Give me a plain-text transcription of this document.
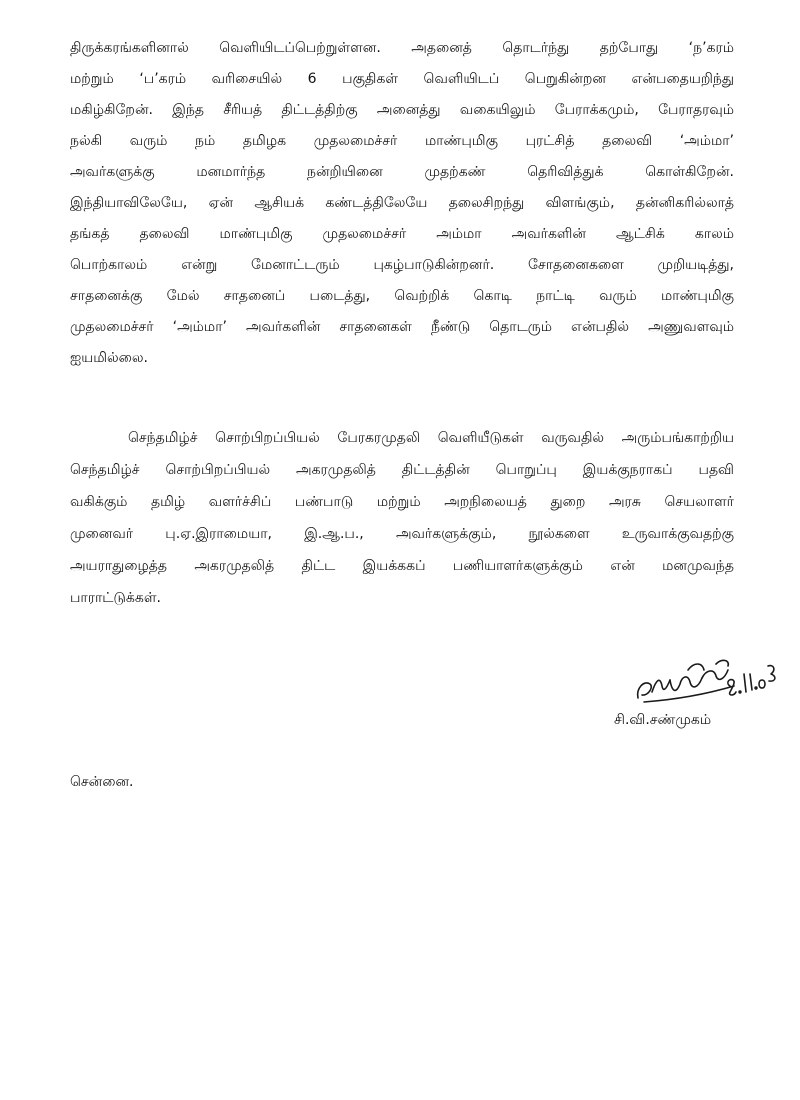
திருக்கரங்களினால் வெளியிடப்பெற்றுள்ளன. அதனைத் தொடர்ந்து தற்போது ‘ந’கரம்
மற்றும் ‘ப’கரம் வரிசையில் 6 பகுதிகள் வெளியிடப் பெறுகின்றன என்பதையறிந்து
மகிழ்கிறேன். இந்த சீரியத் திட்டத்திற்கு அனைத்து வகையிலும் பேராக்கமும், பேராதரவும்
நல்கி வரும் நம் தமிழக முதலமைச்சர் மாண்புமிகு புரட்சித் தலைவி ‘அம்மா’
அவர்களுக்கு மனமார்ந்த நன்றியினை முதற்கண் தெரிவித்துக் கொள்கிறேன்.
இந்தியாவிலேயே, ஏன் ஆசியக் கண்டத்திலேயே தலைசிறந்து விளங்கும், தன்னிகரில்லாத்
தங்கத் தலைவி மாண்புமிகு முதலமைச்சர் அம்மா அவர்களின் ஆட்சிக் காலம்
பொற்காலம் என்று மேனாட்டரும் புகழ்பாடுகின்றனர். சோதனைகளை முறியடித்து,
சாதனைக்கு மேல் சாதனைப் படைத்து, வெற்றிக் கொடி நாட்டி வரும் மாண்புமிகு
முதலமைச்சர் ‘அம்மா’ அவர்களின் சாதனைகள் நீண்டு தொடரும் என்பதில் அணுவளவும்
ஐயமில்லை.
செந்தமிழ்ச் சொற்பிறப்பியல் பேரகரமுதலி வெளியீடுகள் வருவதில் அரும்பங்காற்றிய
செந்தமிழ்ச் சொற்பிறப்பியல் அகரமுதலித் திட்டத்தின் பொறுப்பு இயக்குநராகப் பதவி
வகிக்கும் தமிழ் வளர்ச்சிப் பண்பாடு மற்றும் அறநிலையத் துறை அரசு செயலாளர்
முனைவர் பு.ஏ.இராமையா, இ.ஆ.ப., அவர்களுக்கும், நூல்களை உருவாக்குவதற்கு
அயராதுழைத்த அகரமுதலித் திட்ட இயக்ககப் பணியாளர்களுக்கும் என் மனமுவந்த
பாராட்டுக்கள்.
சி.வி.சண்முகம்
சென்னை.
